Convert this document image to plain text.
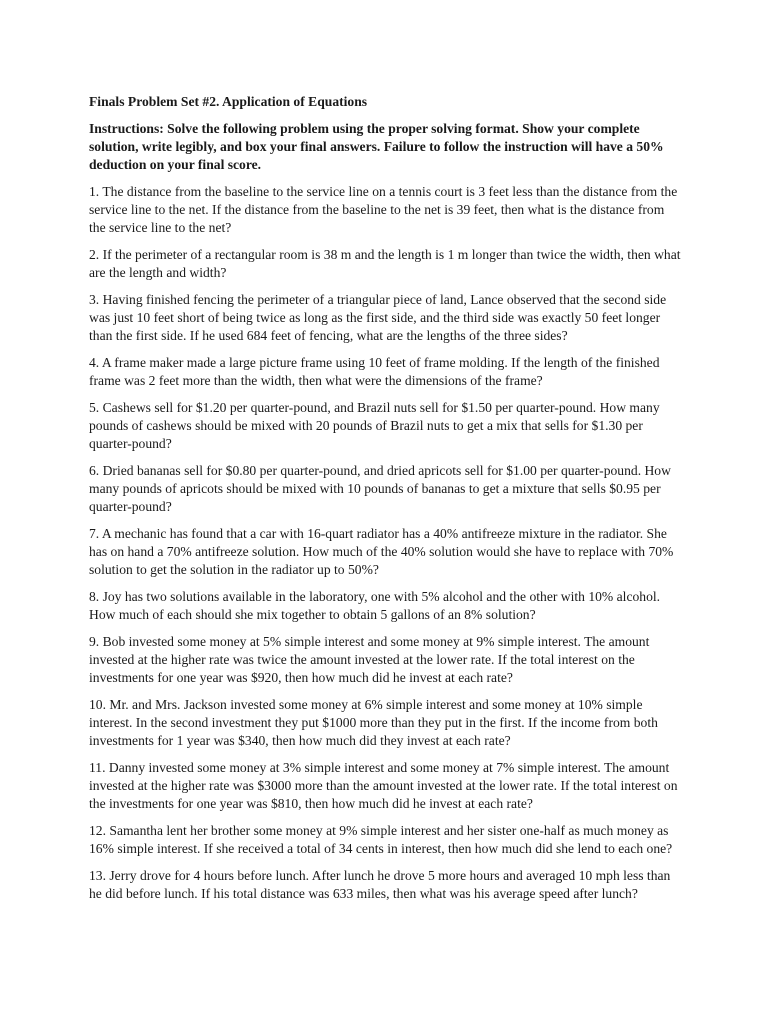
Finals Problem Set #2. Application of Equations
Instructions: Solve the following problem using the proper solving format. Show your complete solution, write legibly, and box your final answers. Failure to follow the instruction will have a 50% deduction on your final score.
1. The distance from the baseline to the service line on a tennis court is 3 feet less than the distance from the service line to the net. If the distance from the baseline to the net is 39 feet, then what is the distance from the service line to the net?
2. If the perimeter of a rectangular room is 38 m and the length is 1 m longer than twice the width, then what are the length and width?
3. Having finished fencing the perimeter of a triangular piece of land, Lance observed that the second side was just 10 feet short of being twice as long as the first side, and the third side was exactly 50 feet longer than the first side. If he used 684 feet of fencing, what are the lengths of the three sides?
4. A frame maker made a large picture frame using 10 feet of frame molding. If the length of the finished frame was 2 feet more than the width, then what were the dimensions of the frame?
5. Cashews sell for $1.20 per quarter-pound, and Brazil nuts sell for $1.50 per quarter-pound. How many pounds of cashews should be mixed with 20 pounds of Brazil nuts to get a mix that sells for $1.30 per quarter-pound?
6. Dried bananas sell for $0.80 per quarter-pound, and dried apricots sell for $1.00 per quarter-pound. How many pounds of apricots should be mixed with 10 pounds of bananas to get a mixture that sells $0.95 per quarter-pound?
7. A mechanic has found that a car with 16-quart radiator has a 40% antifreeze mixture in the radiator. She has on hand a 70% antifreeze solution. How much of the 40% solution would she have to replace with 70% solution to get the solution in the radiator up to 50%?
8. Joy has two solutions available in the laboratory, one with 5% alcohol and the other with 10% alcohol. How much of each should she mix together to obtain 5 gallons of an 8% solution?
9. Bob invested some money at 5% simple interest and some money at 9% simple interest. The amount invested at the higher rate was twice the amount invested at the lower rate. If the total interest on the investments for one year was $920, then how much did he invest at each rate?
10. Mr. and Mrs. Jackson invested some money at 6% simple interest and some money at 10% simple interest. In the second investment they put $1000 more than they put in the first. If the income from both investments for 1 year was $340, then how much did they invest at each rate?
11. Danny invested some money at 3% simple interest and some money at 7% simple interest. The amount invested at the higher rate was $3000 more than the amount invested at the lower rate. If the total interest on the investments for one year was $810, then how much did he invest at each rate?
12. Samantha lent her brother some money at 9% simple interest and her sister one-half as much money as 16% simple interest. If she received a total of 34 cents in interest, then how much did she lend to each one?
13. Jerry drove for 4 hours before lunch. After lunch he drove 5 more hours and averaged 10 mph less than he did before lunch. If his total distance was 633 miles, then what was his average speed after lunch?
